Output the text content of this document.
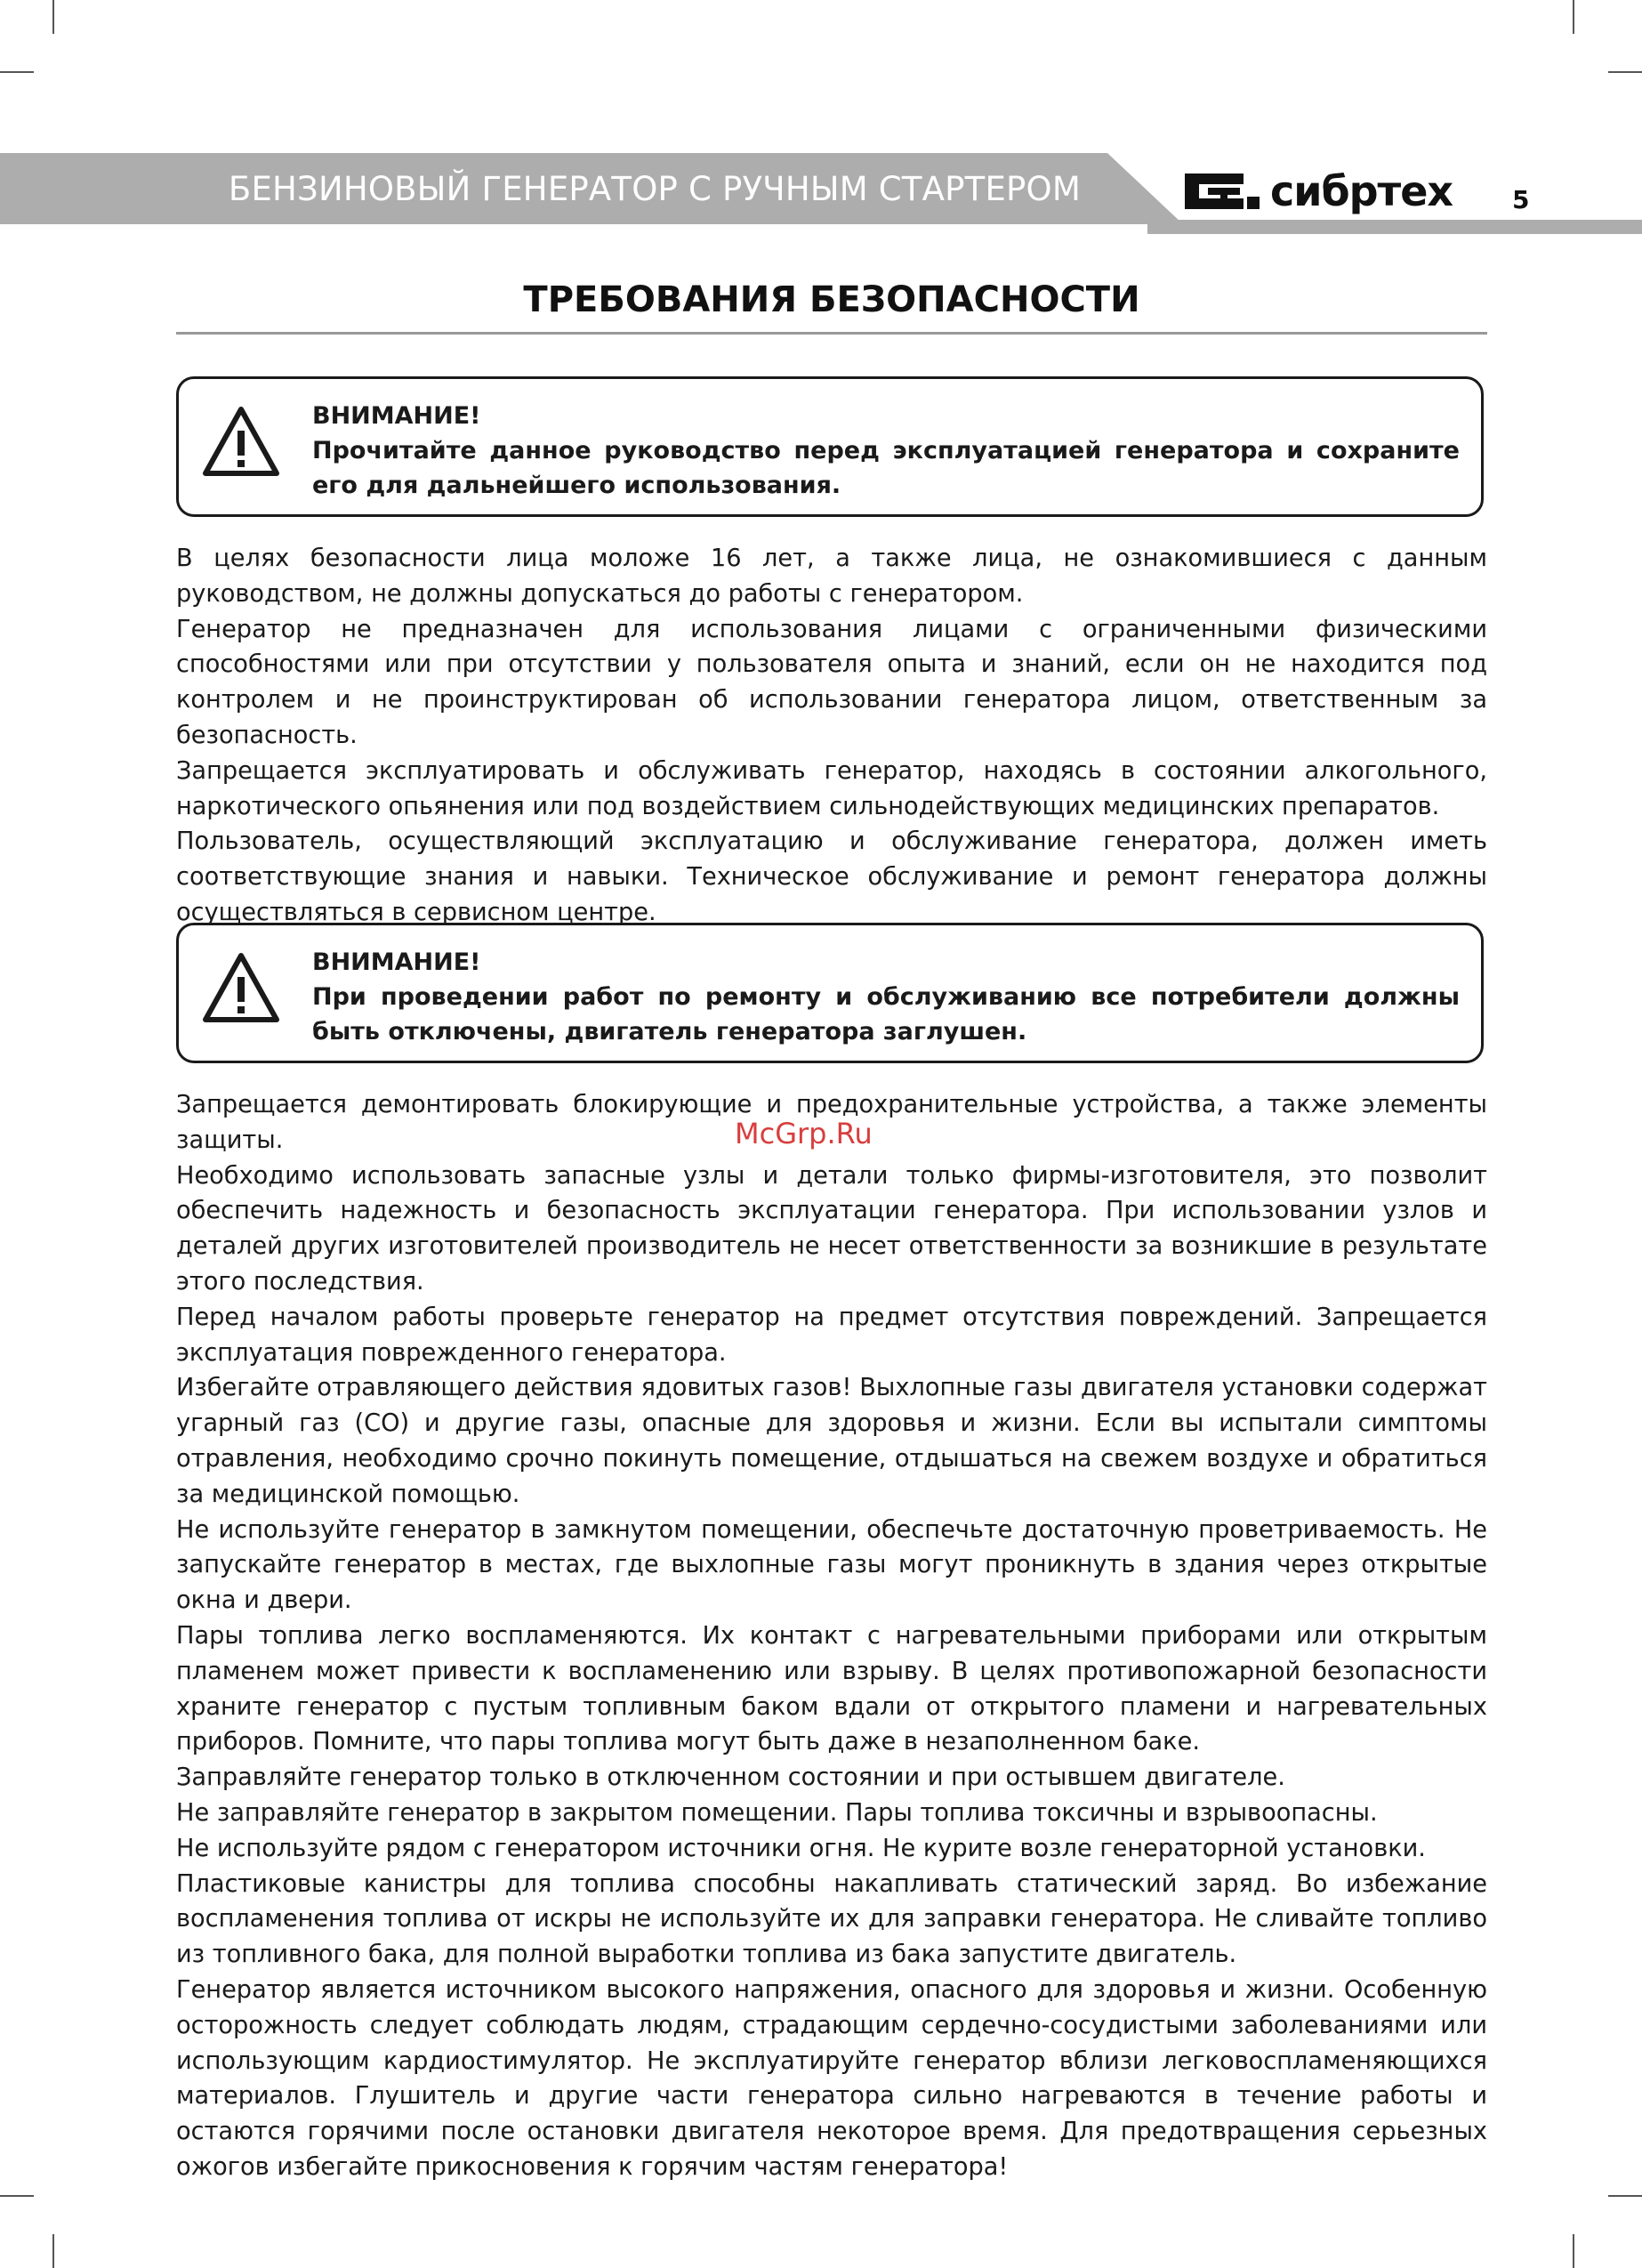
БЕНЗИНОВЫЙ ГЕНЕРАТОР С РУЧНЫМ СТАРТЕРОМ	сибртех 5
ТРЕБОВАНИЯ БЕЗОПАСНОСТИ
ВНИМАНИЕ!
Прочитайте данное руководство перед эксплуатацией генератора и сохраните его для дальнейшего использования.

В целях безопасности лица моложе 16 лет, а также лица, не ознакомившиеся с данным руководством, не должны допускаться до работы с генератором.

Генератор не предназначен для использования лицами с ограниченными физическими способностями или при отсутствии у пользователя опыта и знаний, если он не находится под контролем и не проинструктирован об использовании генератора лицом, ответственным за безопасность.

Запрещается эксплуатировать и обслуживать генератор, находясь в состоянии алкогольного, наркотического опьянения или под воздействием сильнодействующих медицинских препаратов.

Пользователь, осуществляющий эксплуатацию и обслуживание генератора, должен иметь соответствующие знания и навыки. Техническое обслуживание и ремонт генератора должны осуществляться в сервисном центре.

ВНИМАНИЕ!
При проведении работ по ремонту и обслуживанию все потребители должны быть отключены, двигатель генератора заглушен.

Запрещается демонтировать блокирующие и предохранительные устройства, а также элементы защиты.

Необходимо использовать запасные узлы и детали только фирмы-изготовителя, это позволит обеспечить надежность и безопасность эксплуатации генератора. При использовании узлов и деталей других изготовителей производитель не несет ответственности за возникшие в результате этого последствия.

Перед началом работы проверьте генератор на предмет отсутствия повреждений. Запрещается эксплуатация поврежденного генератора.

Избегайте отравляющего действия ядовитых газов! Выхлопные газы двигателя установки содержат угарный газ (CO) и другие газы, опасные для здоровья и жизни. Если вы испытали симптомы отравления, необходимо срочно покинуть помещение, отдышаться на свежем воздухе и обратиться за медицинской помощью.

Не используйте генератор в замкнутом помещении, обеспечьте достаточную проветриваемость. Не запускайте генератор в местах, где выхлопные газы могут проникнуть в здания через открытые окна и двери.

Пары топлива легко воспламеняются. Их контакт с нагревательными приборами или открытым пламенем может привести к воспламенению или взрыву. В целях противопожарной безопасности храните генератор с пустым топливным баком вдали от открытого пламени и нагревательных приборов. Помните, что пары топлива могут быть даже в незаполненном баке.

Заправляйте генератор только в отключенном состоянии и при остывшем двигателе.

Не заправляйте генератор в закрытом помещении. Пары топлива токсичны и взрывоопасны.

Не используйте рядом с генератором источники огня. Не курите возле генераторной установки.

Пластиковые канистры для топлива способны накапливать статический заряд. Во избежание воспламенения топлива от искры не используйте их для заправки генератора. Не сливайте топливо из топливного бака, для полной выработки топлива из бака запустите двигатель.

Генератор является источником высокого напряжения, опасного для здоровья и жизни. Особенную осторожность следует соблюдать людям, страдающим сердечно-сосудистыми заболеваниями или использующим кардиостимулятор. Не эксплуатируйте генератор вблизи легковоспламеняющихся материалов. Глушитель и другие части генератора сильно нагреваются в течение работы и остаются горячими после остановки двигателя некоторое время. Для предотвращения серьезных ожогов избегайте прикосновения к горячим частям генератора!

McGrp.Ru
